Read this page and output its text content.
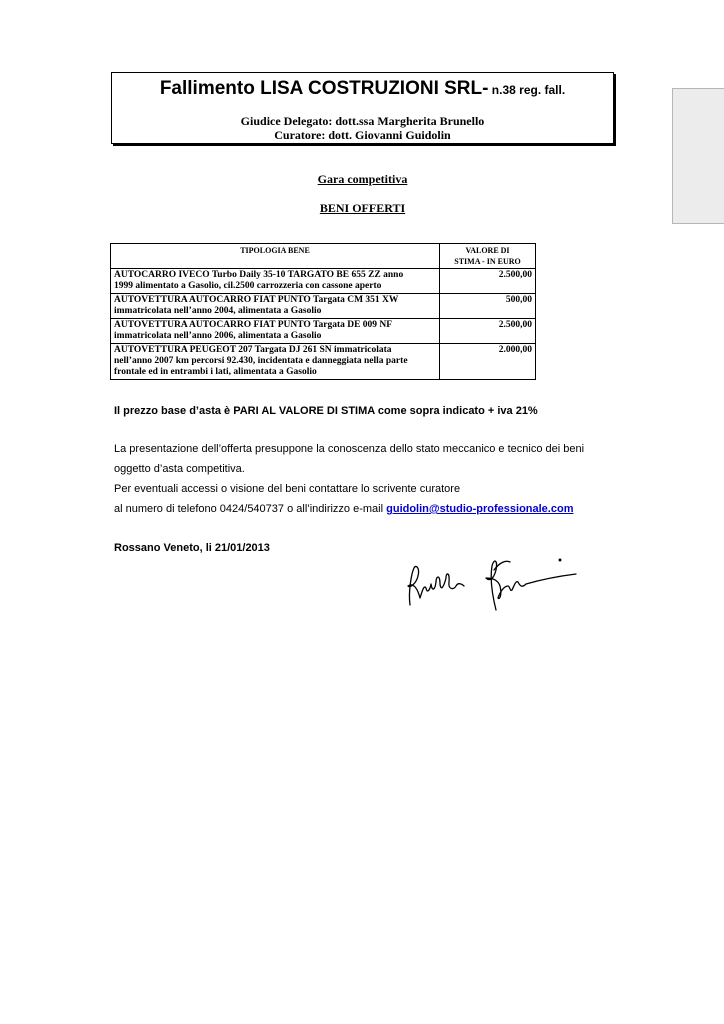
Fallimento LISA COSTRUZIONI SRL- n.38 reg. fall.
Giudice Delegato: dott.ssa Margherita Brunello
Curatore: dott. Giovanni Guidolin
Gara competitiva
BENI OFFERTI
TIPOLOGIA BENE	VALORE DI
STIMA - IN EURO

AUTOCARRO IVECO Turbo Daily 35-10 TARGATO BE 655 ZZ anno
1999 alimentato a Gasolio, cil.2500 carrozzeria con cassone aperto	2.500,00

AUTOVETTURA AUTOCARRO FIAT PUNTO Targata CM 351 XW
immatricolata nell’anno 2004, alimentata a Gasolio	500,00

AUTOVETTURA AUTOCARRO FIAT PUNTO Targata DE 009 NF
immatricolata nell’anno 2006, alimentata a Gasolio	2.500,00

AUTOVETTURA PEUGEOT 207 Targata DJ 261 SN immatricolata
nell’anno 2007 km percorsi 92.430, incidentata e danneggiata nella parte
frontale ed in entrambi i lati, alimentata a Gasolio	2.000,00
Il prezzo base d’asta è PARI AL VALORE DI STIMA come sopra indicato + iva 21%
La presentazione dell’offerta presuppone la conoscenza dello stato meccanico e tecnico dei beni
oggetto d’asta competitiva.
Per eventuali accessi o visione del beni contattare lo scrivente curatore
al numero di telefono 0424/540737 o all’indirizzo e-mail guidolin@studio-professionale.com
Rossano Veneto, li 21/01/2013
